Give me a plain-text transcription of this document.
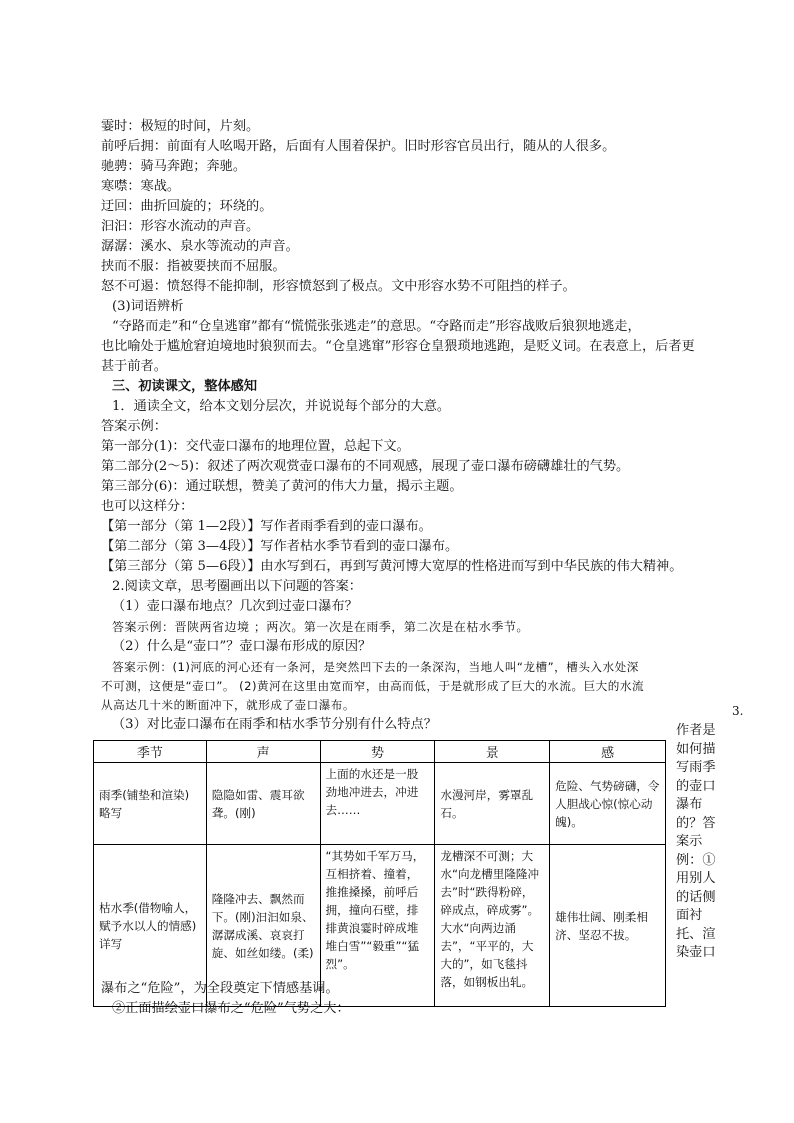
霎时：极短的时间，片刻。
前呼后拥：前面有人吆喝开路，后面有人围着保护。旧时形容官员出行，随从的人很多。
驰骋：骑马奔跑；奔驰。
寒噤：寒战。
迂回：曲折回旋的；环绕的。
汩汩：形容水流动的声音。
潺潺：溪水、泉水等流动的声音。
挟而不服：指被要挟而不屈服。
怒不可遏：愤怒得不能抑制，形容愤怒到了极点。文中形容水势不可阻挡的样子。
(3)词语辨析
“夺路而走”和“仓皇逃窜”都有“慌慌张张逃走”的意思。“夺路而走”形容战败后狼狈地逃走，
也比喻处于尴尬窘迫境地时狼狈而去。“仓皇逃窜”形容仓皇猥琐地逃跑，是贬义词。在表意上，后者更
甚于前者。
三、初读课文，整体感知
1．通读全文，给本文划分层次，并说说每个部分的大意。
答案示例：
第一部分(1)：交代壶口瀑布的地理位置，总起下文。
第二部分(2～5)：叙述了两次观赏壶口瀑布的不同观感，展现了壶口瀑布磅礴雄壮的气势。
第三部分(6)：通过联想，赞美了黄河的伟大力量，揭示主题。
也可以这样分：
【第一部分（第 1—2段）】写作者雨季看到的壶口瀑布。
【第二部分（第 3—4段）】写作者枯水季节看到的壶口瀑布。
【第三部分（第 5—6段）】由水写到石，再到写黄河博大宽厚的性格进而写到中华民族的伟大精神。
2.阅读文章，思考圈画出以下问题的答案：
（1）壶口瀑布地点？几次到过壶口瀑布？
答案示例：晋陕两省边境 ；两次。第一次是在雨季，第二次是在枯水季节。
（2）什么是“壶口”？壶口瀑布形成的原因？
答案示例：(1)河底的河心还有一条河，是突然凹下去的一条深沟，当地人叫“龙槽”，槽头入水处深
不可测，这便是“壶口”。 (2)黄河在这里由宽而窄，由高而低，于是就形成了巨大的水流。巨大的水流
从高达几十米的断面冲下，就形成了壶口瀑布。
（3）对比壶口瀑布在雨季和枯水季节分别有什么特点？
季节	声	势	景	感
雨季(铺垫和渲染)略写	隐隐如雷、震耳欲聋。(刚)	上面的水还是一股劲地冲进去，冲进去……	水漫河岸，雾罩乱石。	危险、气势磅礴，令人胆战心惊(惊心动魄)。
枯水季(借物喻人，赋予水以人的情感)详写	隆隆冲去、飘然而下。(刚)汩汩如泉、潺潺成溪、哀哀打旋、如丝如缕。(柔)	“其势如千军万马，互相挤着、撞着，推推搡搡，前呼后拥，撞向石壁，排排黄浪霎时碎成堆堆白雪”“毅重”“猛烈”。	龙槽深不可测；大水“向龙槽里隆隆冲去”时“跌得粉碎，碎成点，碎成雾”。大水“向两边涌去”，“平平的，大大的”，如飞毯抖落，如钢板出轧。	雄伟壮阔、刚柔相济、坚忍不拔。
3.
作者是如何描写雨季的壶口瀑布的？答案示例：①用别人的话侧面衬托、渲染壶口
瀑布之“危险”，为全段奠定下情感基调。
②正面描绘壶口瀑布之“危险”气势之大：
